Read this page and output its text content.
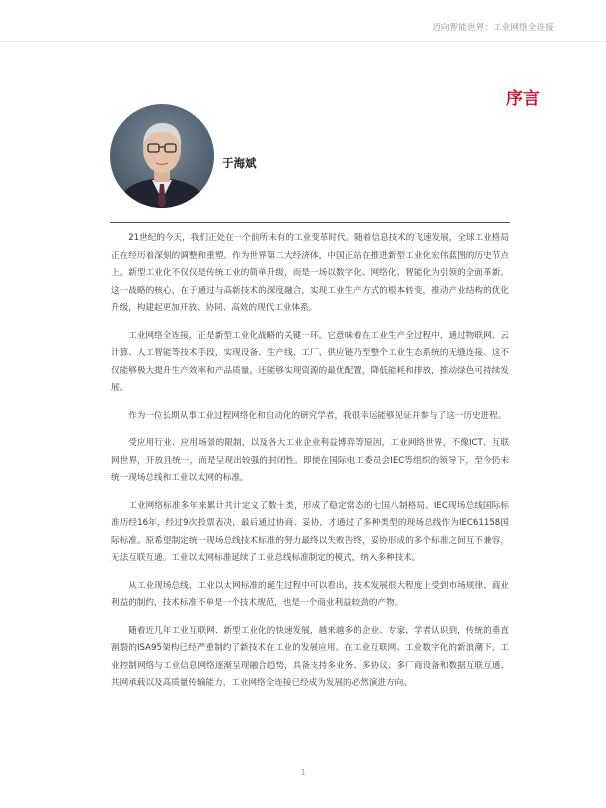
迈向智能世界：工业网络全连接
序言
于海斌

21世纪的今天，我们正处在一个前所未有的工业变革时代。随着信息技术的飞速发展，全球工业格局正在经历着深刻的调整和重塑。作为世界第二大经济体，中国正站在推进新型工业化宏伟蓝图的历史节点上。新型工业化不仅仅是传统工业的简单升级，而是一场以数字化、网络化、智能化为引领的全面革新。这一战略的核心，在于通过与高新技术的深度融合，实现工业生产方式的根本转变，推动产业结构的优化升级，构建起更加开放、协同、高效的现代工业体系。

工业网络全连接，正是新型工业化战略的关键一环。它意味着在工业生产全过程中，通过物联网、云计算、人工智能等技术手段，实现设备、生产线、工厂、供应链乃至整个工业生态系统的无缝连接。这不仅能够极大提升生产效率和产品质量，还能够实现资源的最优配置，降低能耗和排放，推动绿色可持续发展。

作为一位长期从事工业过程网络化和自动化的研究学者，我很幸运能够见证并参与了这一历史进程。

受应用行业、应用场景的限制，以及各大工业企业利益博弈等原因，工业网络世界，不像ICT、互联网世界，开放且统一，而是呈现出较强的封闭性。即使在国际电工委员会IEC等组织的领导下，至今仍未统一现场总线和工业以太网的标准。

工业网络标准多年来累计共计定义了数十类，形成了稳定常态的七国八制格局。IEC现场总线国际标准历经16年，经过9次投票表决，最后通过协商、妥协，才通过了多种类型的现场总线作为IEC61158国际标准。原希望制定统一现场总线技术标准的努力最终以失败告终，妥协形成的多个标准之间互不兼容，无法互联互通。工业以太网标准延续了工业总线标准制定的模式，纳入多种技术。

从工业现场总线、工业以太网标准的诞生过程中可以看出，技术发展很大程度上受到市场规律、商业利益的制约，技术标准不单是一个技术规范，也是一个商业利益较劲的产物。

随着近几年工业互联网、新型工业化的快速发展，越来越多的企业、专家、学者认识到，传统的垂直割裂的ISA95架构已经严重制约了新技术在工业的发展应用。在工业互联网、工业数字化的新浪潮下，工业控制网络与工业信息网络逐渐呈现融合趋势，具备支持多业务、多协议、多厂商设备和数据互联互通、共网承载以及高质量传输能力，工业网络全连接已经成为发展的必然演进方向。

1
